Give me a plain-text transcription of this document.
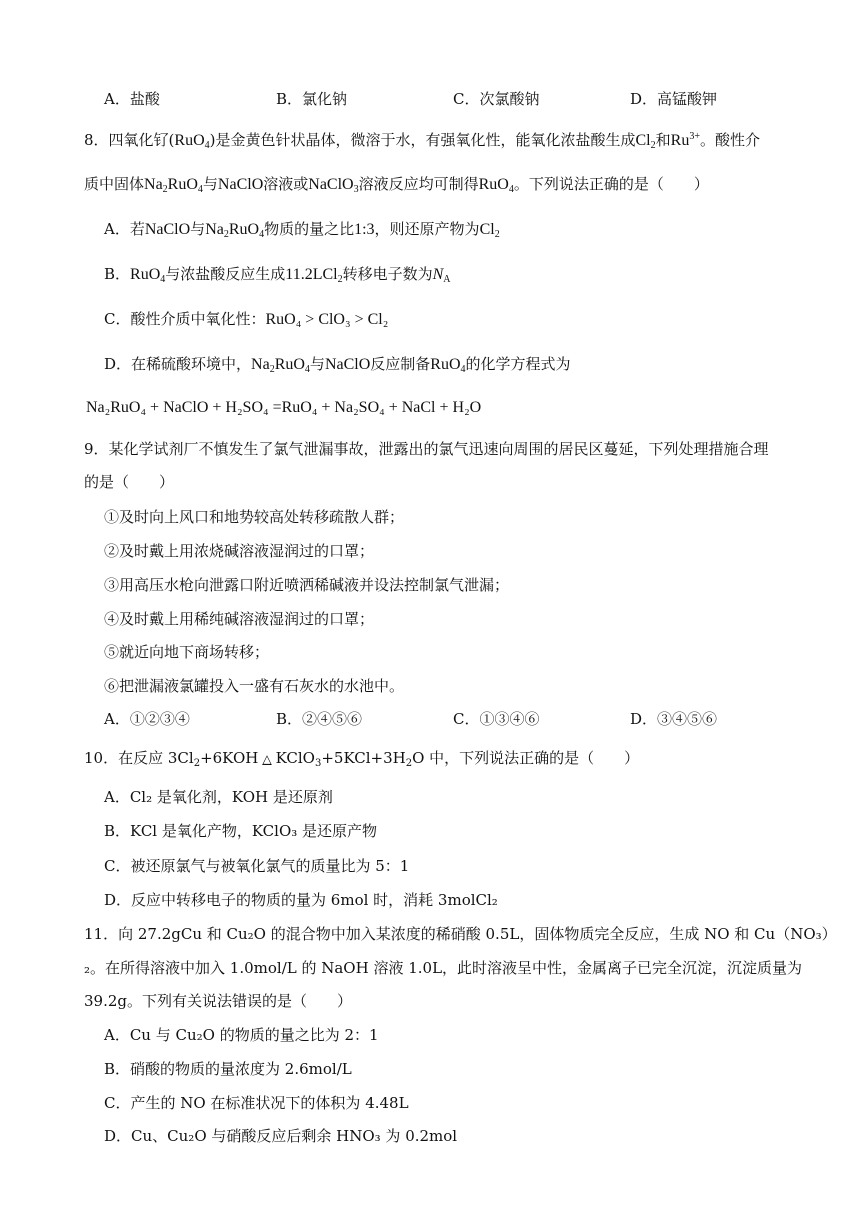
A．盐酸	B．氯化钠	C．次氯酸钠	D．高锰酸钾
8．四氧化钌(RuO$_4$)是金黄色针状晶体，微溶于水，有强氧化性，能氧化浓盐酸生成$Cl_2$和$Ru^{3+}$。酸性介
质中固体$Na_2RuO_4$与NaClO溶液或NaClO$_3$溶液反应均可制得RuO$_4$。下列说法正确的是（　　）
A．若NaClO与$Na_2RuO_4$物质的量之比1:3，则还原产物为$Cl_2$
B．RuO$_4$与浓盐酸反应生成11.2LCl$_2$转移电子数为$N_A$
C．酸性介质中氧化性：RuO₄ > ClO₃ > Cl₂
D．在稀硫酸环境中，$Na_2RuO_4$与NaClO反应制备RuO$_4$的化学方程式为
Na₂RuO₄ + NaClO + H₂SO₄ =RuO₄ + Na₂SO₄ + NaCl + H₂O
9．某化学试剂厂不慎发生了氯气泄漏事故，泄露出的氯气迅速向周围的居民区蔓延，下列处理措施合理
的是（　　）
①及时向上风口和地势较高处转移疏散人群；
②及时戴上用浓烧碱溶液湿润过的口罩；
③用高压水枪向泄露口附近喷洒稀碱液并设法控制氯气泄漏；
④及时戴上用稀纯碱溶液湿润过的口罩；
⑤就近向地下商场转移；
⑥把泄漏液氯罐投入一盛有石灰水的水池中。
A．①②③④	B．②④⑤⑥	C．①③④⑥	D．③④⑤⑥
10．在反应 $3Cl_2+6KOH$ △ $KClO_3+5KCl+3H_2O$ 中，下列说法正确的是（　　）
A．Cl₂ 是氧化剂，KOH 是还原剂
B．KCl 是氧化产物，KClO₃ 是还原产物
C．被还原氯气与被氧化氯气的质量比为 5：1
D．反应中转移电子的物质的量为 6mol 时，消耗 3molCl₂
11．向 27.2gCu 和 Cu₂O 的混合物中加入某浓度的稀硝酸 0.5L，固体物质完全反应，生成 NO 和 Cu（NO₃）
₂。在所得溶液中加入 1.0mol/L 的 NaOH 溶液 1.0L，此时溶液呈中性，金属离子已完全沉淀，沉淀质量为
39.2g。下列有关说法错误的是（　　）
A．Cu 与 Cu₂O 的物质的量之比为 2：1
B．硝酸的物质的量浓度为 2.6mol/L
C．产生的 NO 在标准状况下的体积为 4.48L
D．Cu、Cu₂O 与硝酸反应后剩余 HNO₃ 为 0.2mol
